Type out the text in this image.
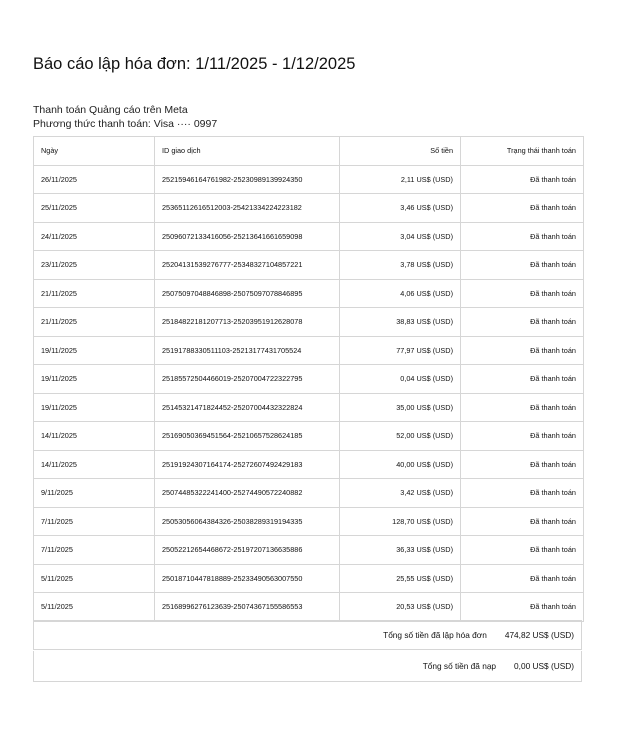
Báo cáo lập hóa đơn: 1/11/2025 - 1/12/2025
Thanh toán Quảng cáo trên Meta
Phương thức thanh toán: Visa ···· 0997
Ngày	ID giao dịch	Số tiền	Trạng thái thanh toán
26/11/2025	25215946164761982-25230989139924350	2,11 US$ (USD)	Đã thanh toán
25/11/2025	25365112616512003-25421334224223182	3,46 US$ (USD)	Đã thanh toán
24/11/2025	25096072133416056-25213641661659098	3,04 US$ (USD)	Đã thanh toán
23/11/2025	25204131539276777-25348327104857221	3,78 US$ (USD)	Đã thanh toán
21/11/2025	25075097048846898-25075097078846895	4,06 US$ (USD)	Đã thanh toán
21/11/2025	25184822181207713-25203951912628078	38,83 US$ (USD)	Đã thanh toán
19/11/2025	25191788330511103-25213177431705524	77,97 US$ (USD)	Đã thanh toán
19/11/2025	25185572504466019-25207004722322795	0,04 US$ (USD)	Đã thanh toán
19/11/2025	25145321471824452-25207004432322824	35,00 US$ (USD)	Đã thanh toán
14/11/2025	25169050369451564-25210657528624185	52,00 US$ (USD)	Đã thanh toán
14/11/2025	25191924307164174-25272607492429183	40,00 US$ (USD)	Đã thanh toán
9/11/2025	25074485322241400-25274490572240882	3,42 US$ (USD)	Đã thanh toán
7/11/2025	25053056064384326-25038289319194335	128,70 US$ (USD)	Đã thanh toán
7/11/2025	25052212654468672-25197207136635886	36,33 US$ (USD)	Đã thanh toán
5/11/2025	25018710447818889-25233490563007550	25,55 US$ (USD)	Đã thanh toán
5/11/2025	25168996276123639-25074367155586553	20,53 US$ (USD)	Đã thanh toán
Tổng số tiền đã lập hóa đơn 474,82 US$ (USD)
Tổng số tiền đã nạp 0,00 US$ (USD)
